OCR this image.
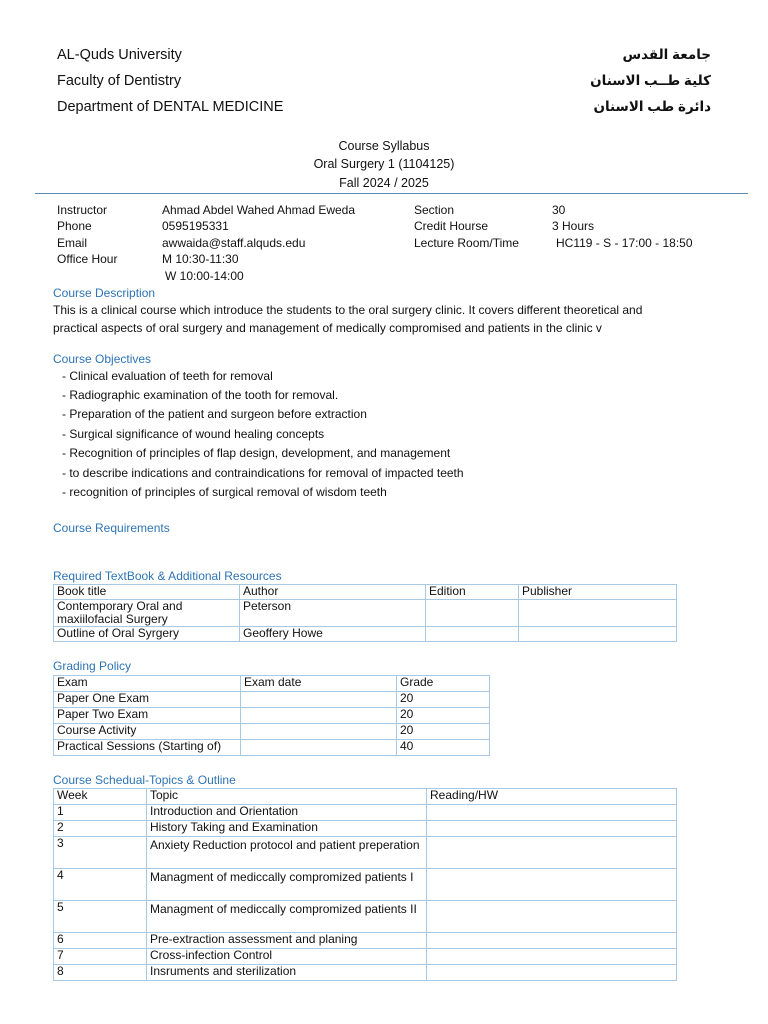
AL-Quds University
Faculty of Dentistry
Department of DENTAL MEDICINE
جامعة القدس
كلية طــب الاسنان
دائرة طب الاسنان
Course Syllabus
Oral Surgery 1 (1104125)
Fall 2024 / 2025
Instructor	Ahmad Abdel Wahed Ahmad Eweda
Phone	0595195331
Email	awwaida@staff.alquds.edu
Office Hour	M 10:30-11:30
W 10:00-14:00
Section	30
Credit Hourse	3 Hours
Lecture Room/Time	HC119 - S - 17:00 - 18:50
Course Description
This is a clinical course which introduce the students to the oral surgery clinic. It covers different theoretical and
practical aspects of oral surgery and management of medically compromised and patients in the clinic v
Course Objectives
- Clinical evaluation of teeth for removal
- Radiographic examination of the tooth for removal.
- Preparation of the patient and surgeon before extraction
- Surgical significance of wound healing concepts
- Recognition of principles of flap design, development, and management
- to describe indications and contraindications for removal of impacted teeth
- recognition of principles of surgical removal of wisdom teeth
Course Requirements
Required TextBook & Additional Resources
Book title	Author	Edition	Publisher
Contemporary Oral and maxiilofacial Surgery	Peterson		
Outline of Oral Syrgery	Geoffery Howe		
Grading Policy
Exam	Exam date	Grade
Paper One Exam		20
Paper Two Exam		20
Course Activity		20
Practical Sessions (Starting of)		40
Course Schedual-Topics & Outline
Week	Topic	Reading/HW
1	Introduction and Orientation	
2	History Taking and Examination	
3	Anxiety Reduction protocol and patient preperation	
4	Managment of mediccally compromized patients I	
5	Managment of mediccally compromized patients II	
6	Pre-extraction assessment and planing	
7	Cross-infection Control	
8	Insruments and sterilization	
